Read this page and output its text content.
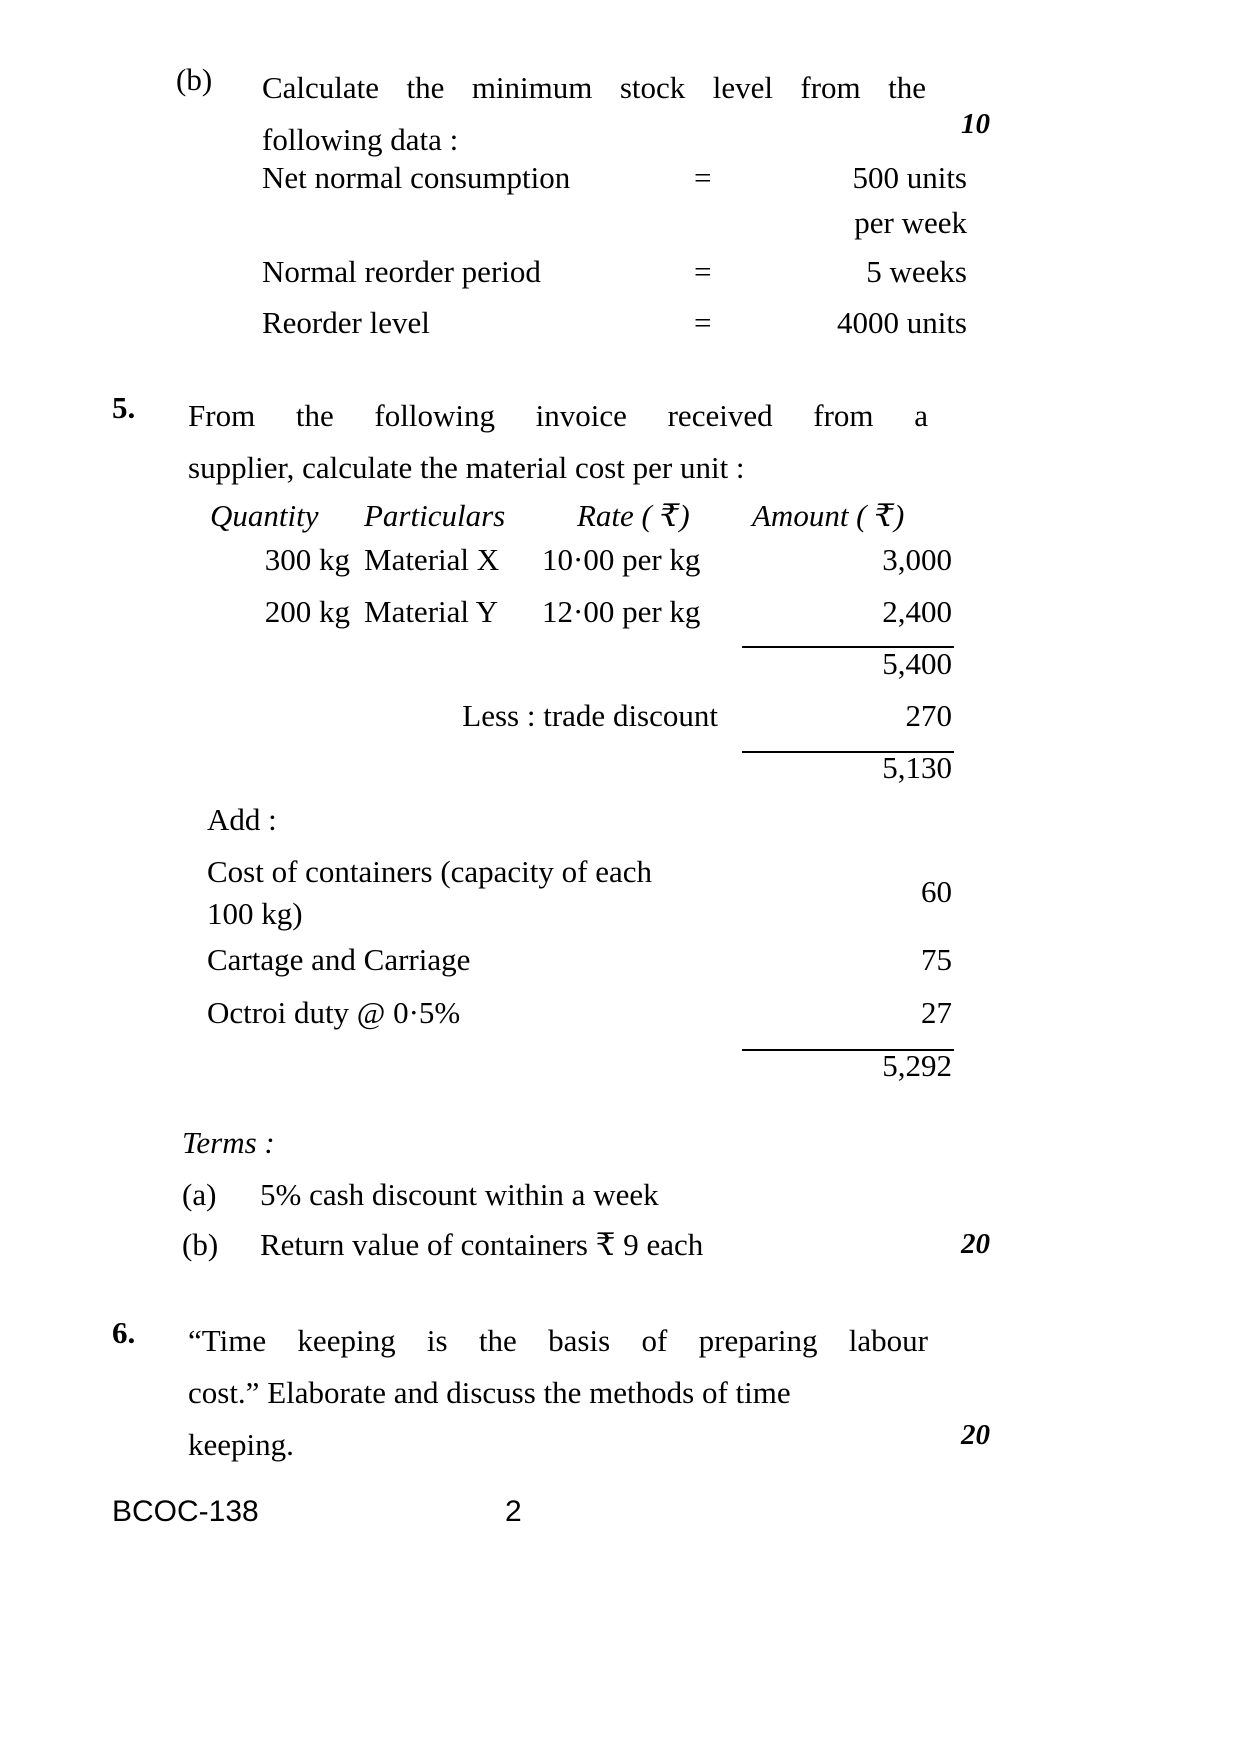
(b)	Calculate the minimum stock level from the
following data :	10
Net normal consumption	=	500 units
per week
Normal reorder period	=	5 weeks
Reorder level	=	4000 units
5.	From the following invoice received from a
supplier, calculate the material cost per unit :
Quantity	Particulars	Rate ( ₹)	Amount ( ₹)
300 kg Material X 10·00 per kg	3,000
200 kg Material Y 12·00 per kg	2,400
5,400
Less : trade discount	270
5,130
Add :
Cost of containers (capacity of each
100 kg)
60
Cartage and Carriage	75
Octroi duty @ 0·5%	27
5,292
Terms :
(a) 5% cash discount within a week
(b) Return value of containers ₹ 9 each	20
6.	“Time keeping is the basis of preparing labour
cost.” Elaborate and discuss the methods of time
keeping.	20
BCOC-138	2
